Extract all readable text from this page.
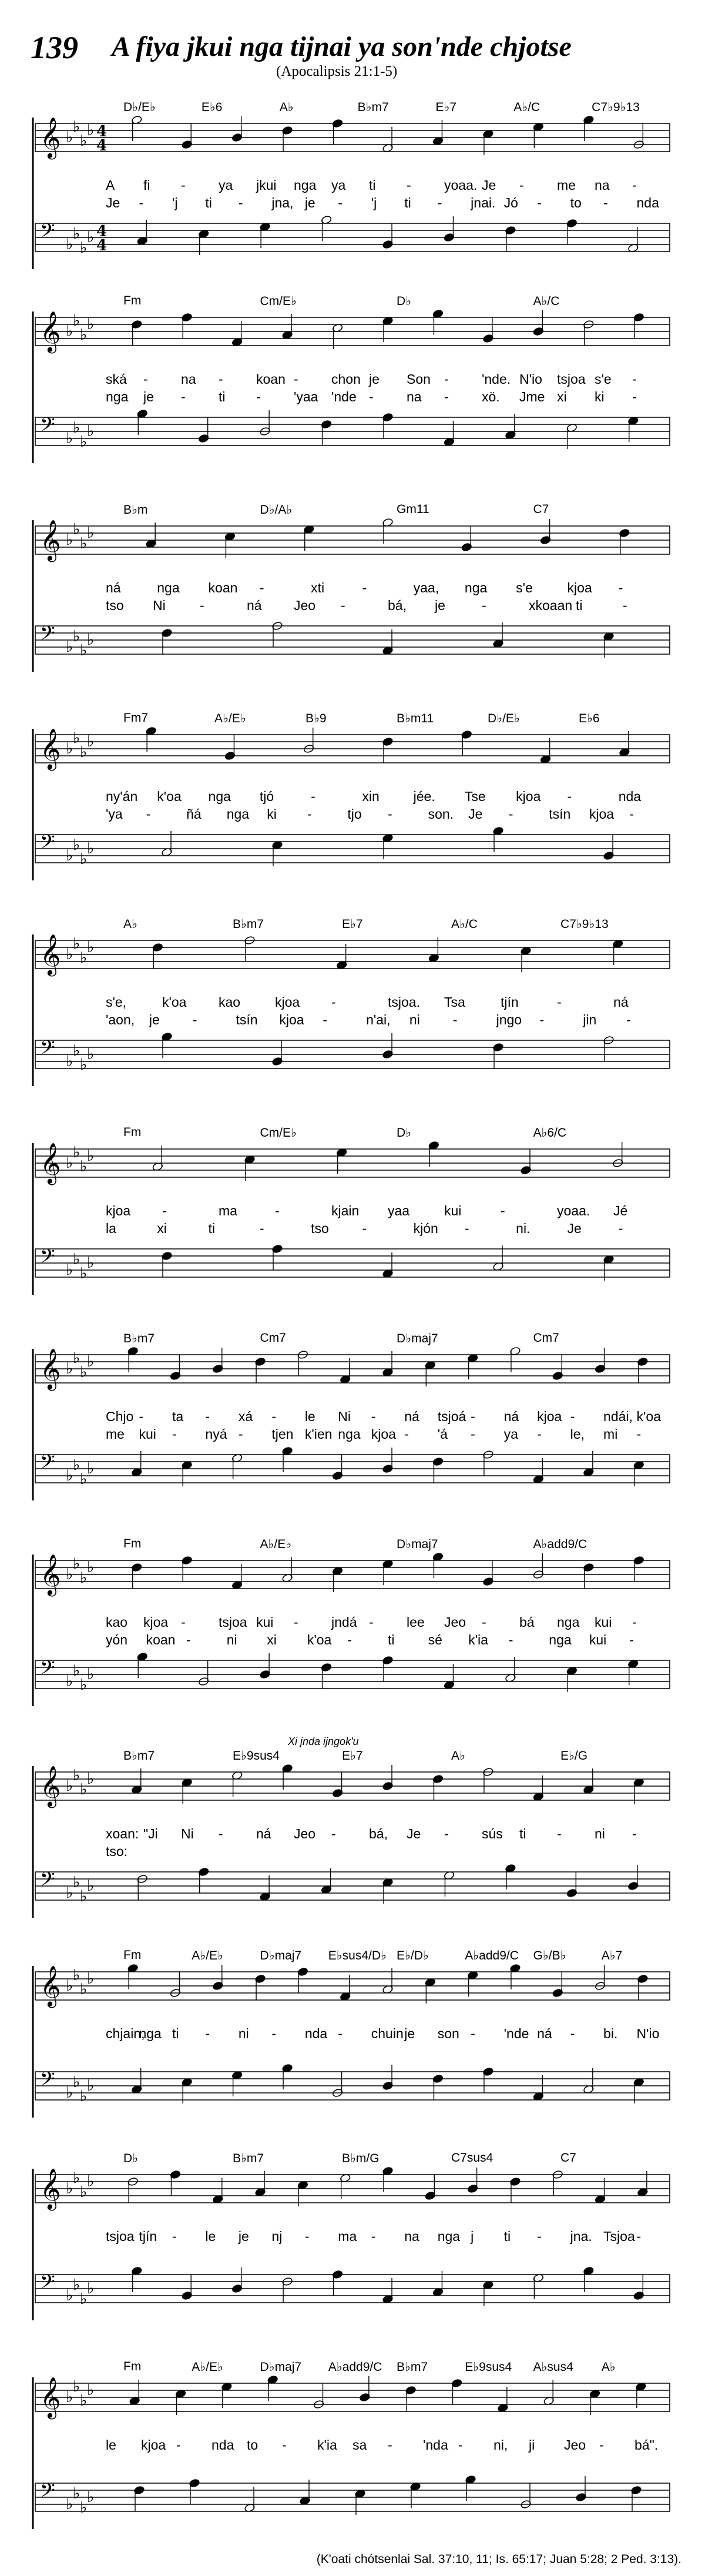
139 A fiya jkui nga tijnai ya son'nde chjotse
(Apocalipsis 21:1-5)
D♭/E♭	E♭6	A♭	B♭m7	E♭7	A♭/C	C7♭9♭13
𝄞 ♭
♭
♭
♭
𝄢 ♭
♭
♭
♭
4
4
4
4
A fi - ya jkui nga ya ti - yoaa. Je - me na -
Je - 'j ti - jna, je - 'j ti - jnai. Jó - to - nda
Fm	Cm/E♭	D♭	A♭/C
𝄞 ♭
♭
♭
♭
𝄢 ♭
♭
♭
♭
ská - na - koan - chon je Son - 'nde. N'io tsjoa s'e -
nga je - ti - 'yaa 'nde - na - xö. Jme xi ki -
B♭m	D♭/A♭	Gm11	C7
𝄞 ♭
♭
♭
♭
𝄢 ♭
♭
♭
♭
ná	nga koan -	xti	-	yaa, nga s'e	kjoa -
tso Ni	-	ná Jeo -	bá, je	-	xkoaan ti	-
Fm7	A♭/E♭	B♭9	B♭m11	D♭/E♭	E♭6
𝄞 ♭
♭
♭
♭
𝄢 ♭
♭
♭
♭
ny'án k'oa nga tjó	-	xin	jée. Tse kjoa -	nda
'ya -	ñá nga ki -	tjo -	son. Je -	tsín kjoa -
A♭	B♭m7	E♭7	A♭/C	C7♭9♭13
𝄞 ♭
♭
♭
♭
𝄢 ♭
♭
♭
♭
s'e,	k'oa kao	kjoa -	tsjoa. Tsa	tjín	-	ná
'aon, je -	tsín kjoa -	n'ai, ni -	jngo -	jin -
Fm	Cm/E♭	D♭	A♭6/C
𝄞 ♭
♭
♭
♭
𝄢 ♭
♭
♭
♭
kjoa -	ma	-	kjain yaa	kui	-	yoaa. Jé
la	xi	ti	-	tso -	kjón -	ni.	Je	-
B♭m7	Cm7	D♭maj7	Cm7
𝄞 ♭
♭
♭
♭
𝄢 ♭
♭
♭
♭
Chjo - ta - xá - le Ni - ná tsjoá - ná kjoa - ndái, k'oa
me kui - nyá - tjen k'ien nga kjoa - 'á - ya - le, mi -
Fm	A♭/E♭	D♭maj7	A♭add9/C
𝄞 ♭
♭
♭
♭
𝄢 ♭
♭
♭
♭
kao kjoa - tsjoa kui - jndá - lee Jeo - bá nga kui -
yón koan -	ni xi k'oa -	ti sé k'ia -	nga kui -
B♭m7	E♭9sus4	E♭7	A♭	E♭/G
Xi jnda ijngok'u
𝄞 ♭
♭
♭
♭
𝄢 ♭
♭
♭
♭
xoan: "Ji Ni - ná Jeo - bá, Je - sús ti - ni -
tso:
Fm	A♭/E♭	D♭maj7 E♭sus4/D♭ E♭/D♭	A♭add9/C G♭/B♭	A♭7
𝄞 ♭
♭
♭
♭
𝄢 ♭
♭
♭
♭
chjain,
nga ti - ni - nda - chuin je son - 'nde ná - bi. N'io
D♭	B♭m7	B♭m/G	C7sus4	C7
𝄞 ♭
♭
♭
♭
𝄢 ♭
♭
♭
♭
tsjoa tjín - le je nj - ma - na nga j ti - jna. Tsjoa -
Fm	A♭/E♭	D♭maj7 A♭add9/C B♭m7	E♭9sus4 A♭sus4 A♭
𝄞 ♭
♭
♭
♭
𝄢 ♭
♭
♭
♭
le kjoa - nda to - k'ia sa - 'nda - ni, ji Jeo - bá".
(K'oati chótsenlai Sal. 37:10, 11; Is. 65:17; Juan 5:28; 2 Ped. 3:13).
